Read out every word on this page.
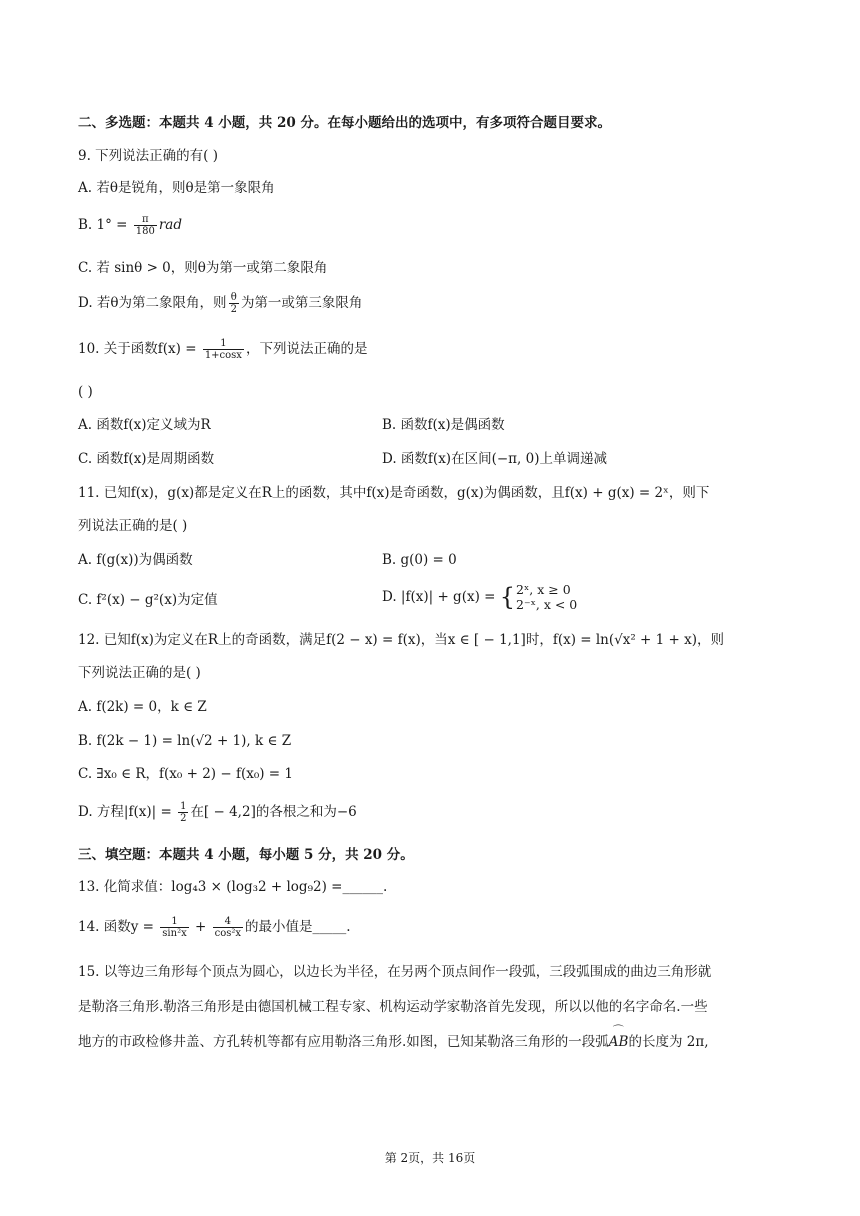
二、多选题：本题共 4 小题，共 20 分。在每小题给出的选项中，有多项符合题目要求。
9. 下列说法正确的有( )
A. 若θ是锐角，则θ是第一象限角
B. $1^\circ = \frac{\pi}{180}$ rad
C. 若 sinθ > 0，则θ为第一或第二象限角
D. 若θ为第二象限角，则 $\frac{\theta}{2}$ 为第一或第三象限角
10. 关于函数$f(x) = \frac{1}{1+\cos x}$ ，下列说法正确的是
( )
A. 函数f(x)定义域为R	B. 函数f(x)是偶函数
C. 函数f(x)是周期函数	D. 函数f(x)在区间(−π, 0)上单调递减
11. 已知f(x)，g(x)都是定义在R上的函数，其中f(x)是奇函数，g(x)为偶函数，且f(x) + g(x) = 2ˣ，则下
列说法正确的是( )
A. f(g(x))为偶函数	B. g(0) = 0
C. f²(x) − g²(x)为定值	D. |f(x)| + g(x) = { 2ˣ, x ≥ 0
2⁻ˣ, x < 0
12. 已知f(x)为定义在R上的奇函数，满足f(2 − x) = f(x)，当x ∈ [ − 1,1]时，f(x) = ln(√x² + 1 + x)，则
下列说法正确的是( )
A. f(2k) = 0，k ∈ Z
B. f(2k − 1) = ln(√2 + 1), k ∈ Z
C. ∃x₀ ∈ R，f(x₀ + 2) − f(x₀) = 1
D. 方程$|f(x)| = \frac{1}{2}$ 在[ − 4,2]的各根之和为−6
三、填空题：本题共 4 小题，每小题 5 分，共 20 分。
13. 化简求值：log₄3 × (log₃2 + log₉2) =______.
14. 函数$y = \frac{1}{\text{sin²x}} + \frac{4}{\text{cos²x}}$ 的最小值是_____.
15. 以等边三角形每个顶点为圆心，以边长为半径，在另两个顶点间作一段弧，三段弧围成的曲边三角形就
是勒洛三角形.勒洛三角形是由德国机械工程专家、机构运动学家勒洛首先发现，所以以他的名字命名.一些
地方的市政检修井盖、方孔转机等都有应用勒洛三角形.如图，已知某勒洛三角形的一段弧
⌒
AB的长度为 2π,
第 2页，共 16页
